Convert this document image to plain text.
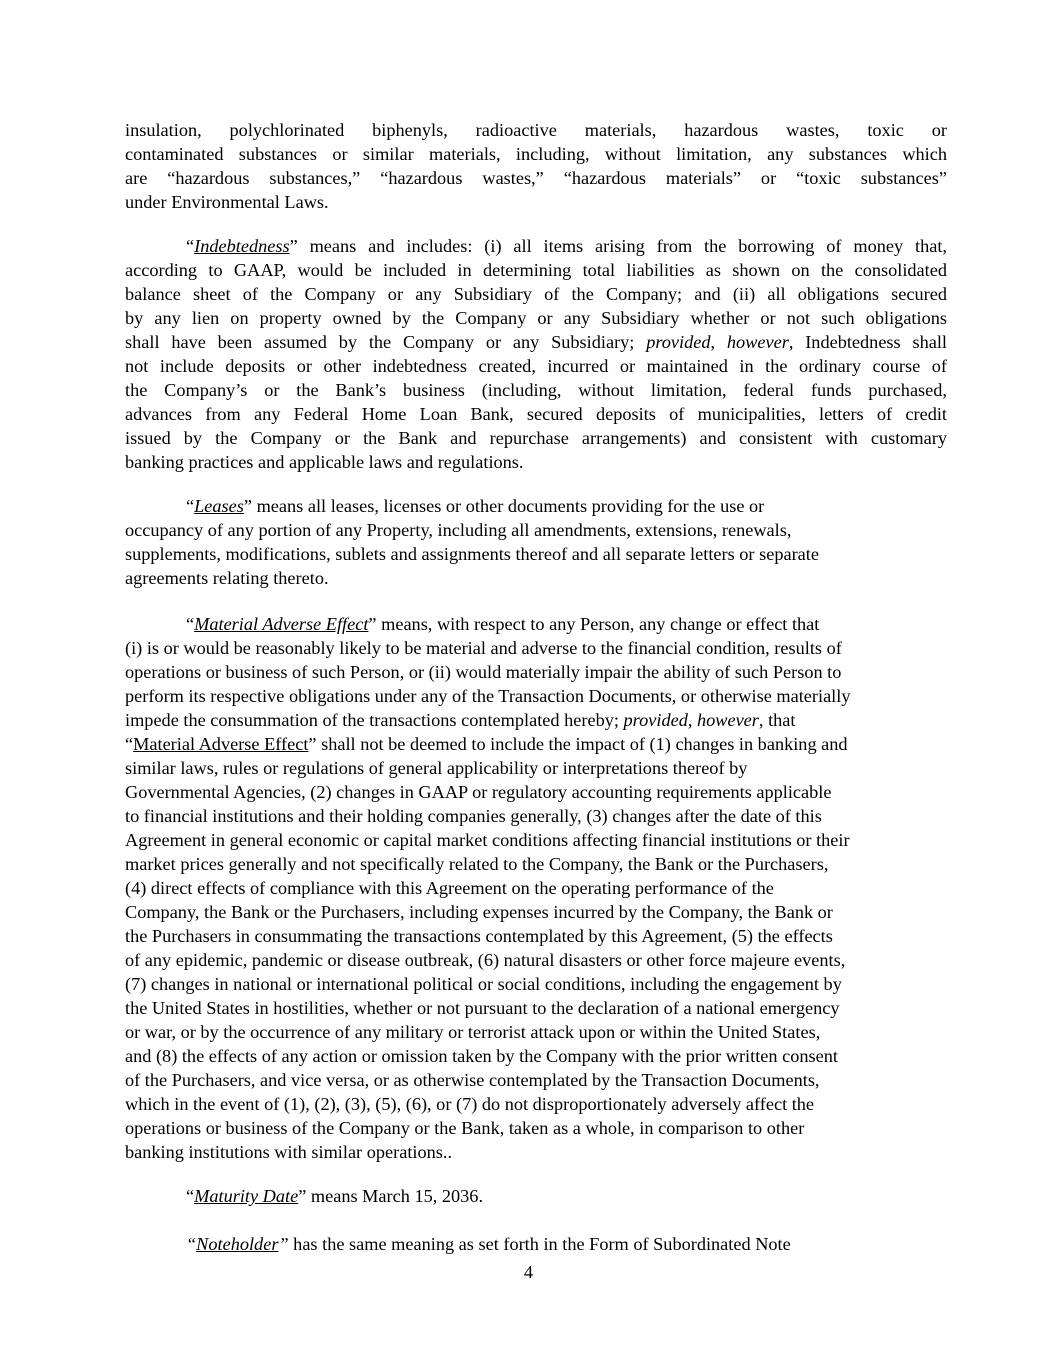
insulation, polychlorinated biphenyls, radioactive materials, hazardous wastes, toxic or
contaminated substances or similar materials, including, without limitation, any substances which
are “hazardous substances,” “hazardous wastes,” “hazardous materials” or “toxic substances”
under Environmental Laws.
“Indebtedness” means and includes: (i) all items arising from the borrowing of money that,
according to GAAP, would be included in determining total liabilities as shown on the consolidated
balance sheet of the Company or any Subsidiary of the Company; and (ii) all obligations secured
by any lien on property owned by the Company or any Subsidiary whether or not such obligations
shall have been assumed by the Company or any Subsidiary; provided, however, Indebtedness shall
not include deposits or other indebtedness created, incurred or maintained in the ordinary course of
the Company’s or the Bank’s business (including, without limitation, federal funds purchased,
advances from any Federal Home Loan Bank, secured deposits of municipalities, letters of credit
issued by the Company or the Bank and repurchase arrangements) and consistent with customary
banking practices and applicable laws and regulations.
“Leases” means all leases, licenses or other documents providing for the use or
occupancy of any portion of any Property, including all amendments, extensions, renewals,
supplements, modifications, sublets and assignments thereof and all separate letters or separate
agreements relating thereto.
“Material Adverse Effect” means, with respect to any Person, any change or effect that
(i) is or would be reasonably likely to be material and adverse to the financial condition, results of
operations or business of such Person, or (ii) would materially impair the ability of such Person to
perform its respective obligations under any of the Transaction Documents, or otherwise materially
impede the consummation of the transactions contemplated hereby; provided, however, that
“Material Adverse Effect” shall not be deemed to include the impact of (1) changes in banking and
similar laws, rules or regulations of general applicability or interpretations thereof by
Governmental Agencies, (2) changes in GAAP or regulatory accounting requirements applicable
to financial institutions and their holding companies generally, (3) changes after the date of this
Agreement in general economic or capital market conditions affecting financial institutions or their
market prices generally and not specifically related to the Company, the Bank or the Purchasers,
(4) direct effects of compliance with this Agreement on the operating performance of the
Company, the Bank or the Purchasers, including expenses incurred by the Company, the Bank or
the Purchasers in consummating the transactions contemplated by this Agreement, (5) the effects
of any epidemic, pandemic or disease outbreak, (6) natural disasters or other force majeure events,
(7) changes in national or international political or social conditions, including the engagement by
the United States in hostilities, whether or not pursuant to the declaration of a national emergency
or war, or by the occurrence of any military or terrorist attack upon or within the United States,
and (8) the effects of any action or omission taken by the Company with the prior written consent
of the Purchasers, and vice versa, or as otherwise contemplated by the Transaction Documents,
which in the event of (1), (2), (3), (5), (6), or (7) do not disproportionately adversely affect the
operations or business of the Company or the Bank, taken as a whole, in comparison to other
banking institutions with similar operations..
“Maturity Date” means March 15, 2036.
“Noteholder” has the same meaning as set forth in the Form of Subordinated Note
4
